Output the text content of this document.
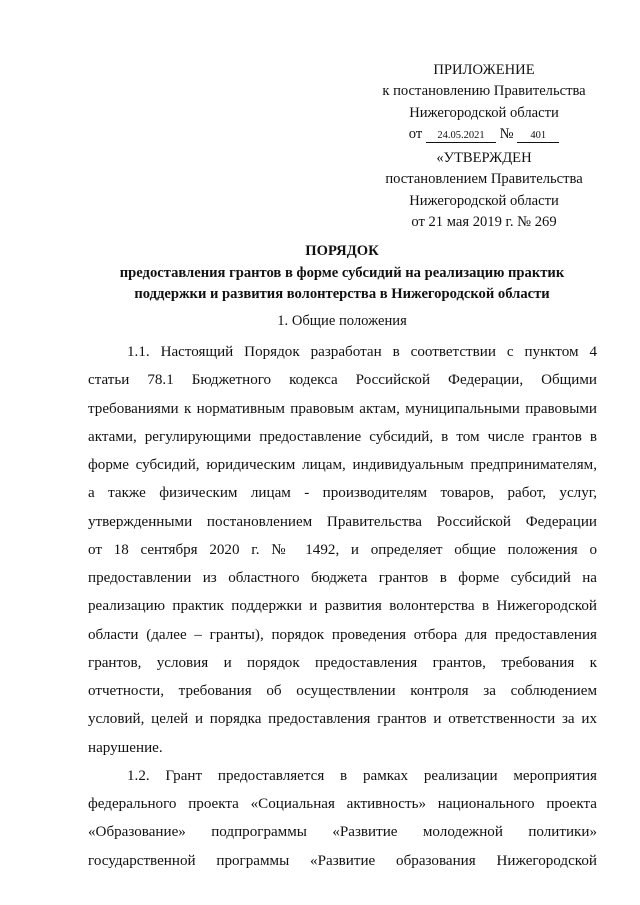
ПРИЛОЖЕНИЕ
к постановлению Правительства
Нижегородской области
от 24.05.2021 № 401
«УТВЕРЖДЕН
постановлением Правительства
Нижегородской области
от 21 мая 2019 г. № 269
ПОРЯДОК
предоставления грантов в форме субсидий на реализацию практик
поддержки и развития волонтерства в Нижегородской области
1. Общие положения
1.1. Настоящий Порядок разработан в соответствии с пунктом 4
статьи 78.1 Бюджетного кодекса Российской Федерации, Общими
требованиями к нормативным правовым актам, муниципальными правовыми
актами, регулирующими предоставление субсидий, в том числе грантов в
форме субсидий, юридическим лицам, индивидуальным предпринимателям,
а также физическим лицам - производителям товаров, работ, услуг,
утвержденными постановлением Правительства Российской Федерации
от 18 сентября 2020 г. № 1492, и определяет общие положения о
предоставлении из областного бюджета грантов в форме субсидий на
реализацию практик поддержки и развития волонтерства в Нижегородской
области (далее – гранты), порядок проведения отбора для предоставления
грантов, условия и порядок предоставления грантов, требования к
отчетности, требования об осуществлении контроля за соблюдением
условий, целей и порядка предоставления грантов и ответственности за их
нарушение.
1.2. Грант предоставляется в рамках реализации мероприятия
федерального проекта «Социальная активность» национального проекта
«Образование» подпрограммы «Развитие молодежной политики»
государственной программы «Развитие образования Нижегородской
